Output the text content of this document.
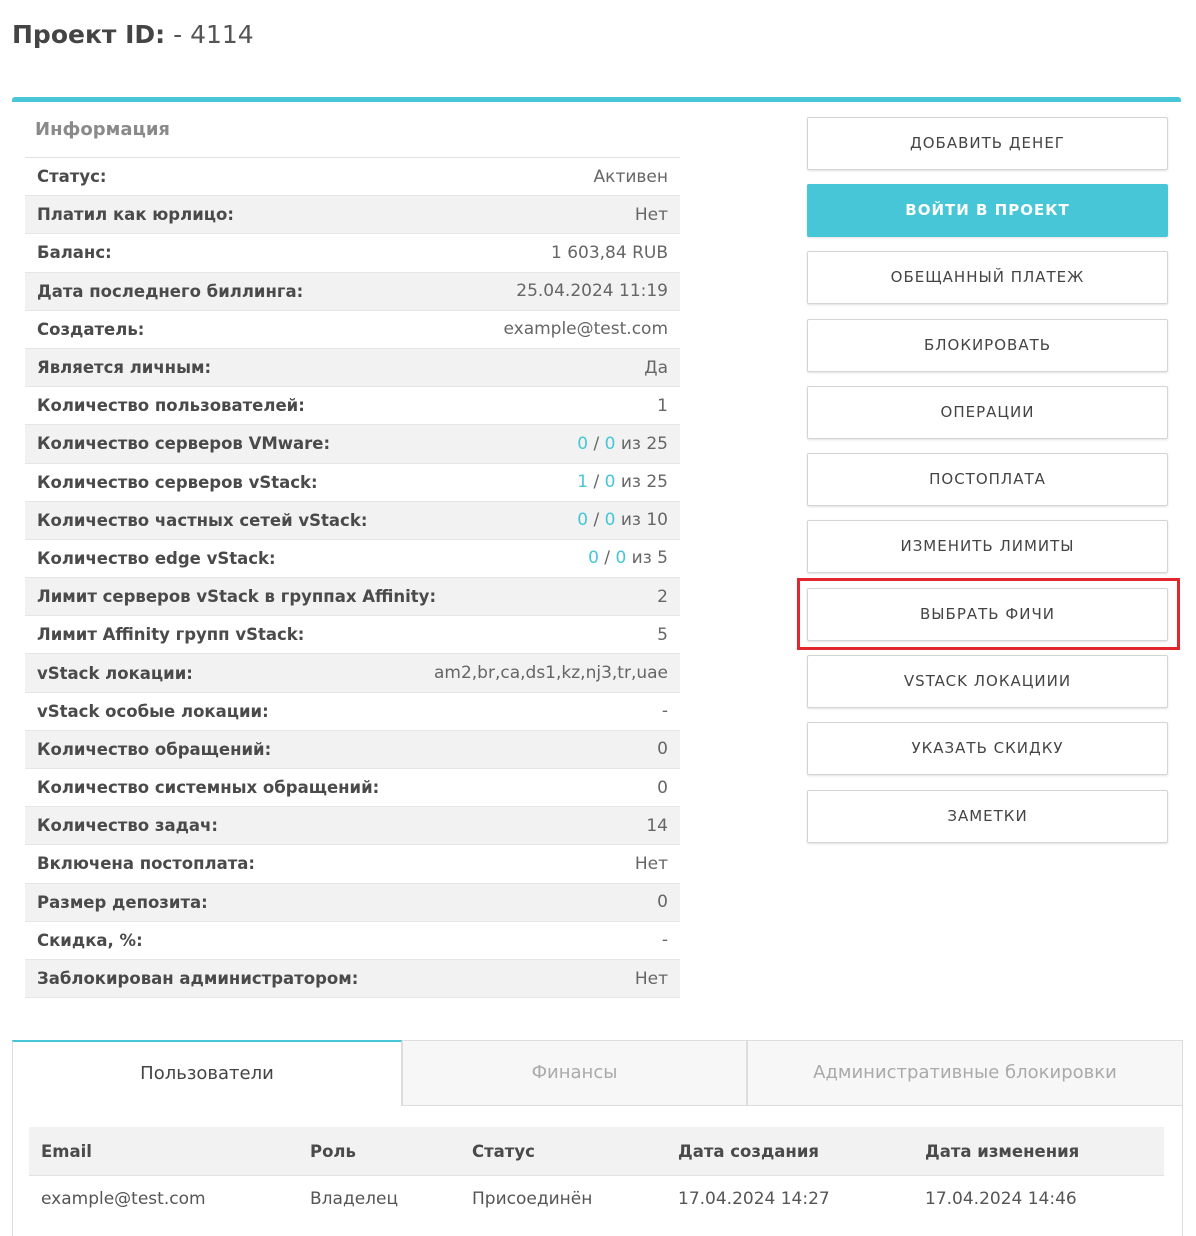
Проект ID: - 4114
Информация
Статус:	Активен
Платил как юрлицо:	Нет
Баланс:	1 603,84 RUB
Дата последнего биллинга:	25.04.2024 11:19
Создатель:	example@test.com
Является личным:	Да
Количество пользователей:	1
Количество серверов VMware:	0 / 0 из 25
Количество серверов vStack:	1 / 0 из 25
Количество частных сетей vStack:	0 / 0 из 10
Количество edge vStack:	0 / 0 из 5
Лимит серверов vStack в группах Affinity:	2
Лимит Affinity групп vStack:	5
vStack локации:	am2,br,ca,ds1,kz,nj3,tr,uae
vStack особые локации:	-
Количество обращений:	0
Количество системных обращений:	0
Количество задач:	14
Включена постоплата:	Нет
Размер депозита:	0
Скидка, %:	-
Заблокирован администратором:	Нет
ДОБАВИТЬ ДЕНЕГ
ВОЙТИ В ПРОЕКТ
ОБЕЩАННЫЙ ПЛАТЕЖ
БЛОКИРОВАТЬ
ОПЕРАЦИИ
ПОСТОПЛАТА
ИЗМЕНИТЬ ЛИМИТЫ
ВЫБРАТЬ ФИЧИ
VSTACK ЛОКАЦИИИ
УКАЗАТЬ СКИДКУ
ЗАМЕТКИ
Пользователи	Финансы	Административные блокировки
Email	Роль	Статус	Дата создания	Дата изменения
example@test.com	Владелец	Присоединён	17.04.2024 14:27	17.04.2024 14:46
